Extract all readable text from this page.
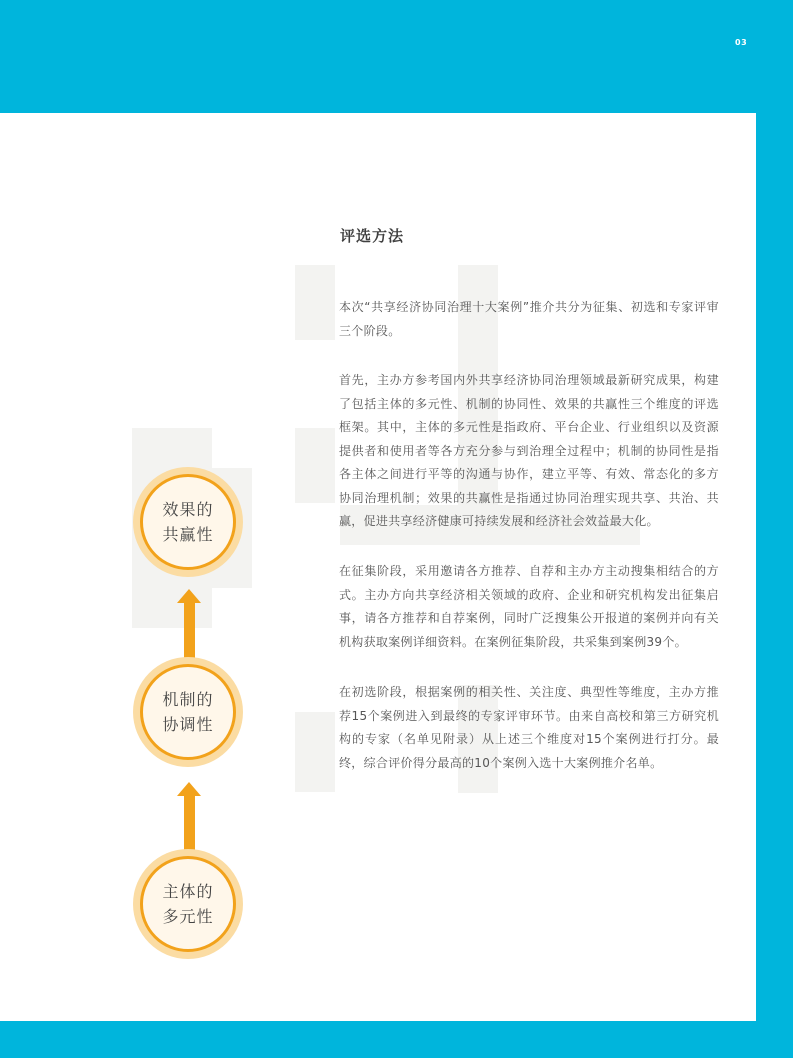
03
评选方法

本次“共享经济协同治理十大案例”推介共分为征集、初选和专家评审三个阶段。

首先，主办方参考国内外共享经济协同治理领域最新研究成果，构建了包括主体的多元性、机制的协同性、效果的共赢性三个维度的评选框架。其中，主体的多元性是指政府、平台企业、行业组织以及资源提供者和使用者等各方充分参与到治理全过程中；机制的协同性是指各主体之间进行平等的沟通与协作，建立平等、有效、常态化的多方协同治理机制；效果的共赢性是指通过协同治理实现共享、共治、共赢，促进共享经济健康可持续发展和经济社会效益最大化。

在征集阶段，采用邀请各方推荐、自荐和主办方主动搜集相结合的方式。主办方向共享经济相关领域的政府、企业和研究机构发出征集启事，请各方推荐和自荐案例，同时广泛搜集公开报道的案例并向有关机构获取案例详细资料。在案例征集阶段，共采集到案例39个。

在初选阶段，根据案例的相关性、关注度、典型性等维度，主办方推荐15个案例进入到最终的专家评审环节。由来自高校和第三方研究机构的专家（名单见附录）从上述三个维度对15个案例进行打分。最终，综合评价得分最高的10个案例入选十大案例推介名单。

效果的
共赢性
机制的
协调性
主体的
多元性
